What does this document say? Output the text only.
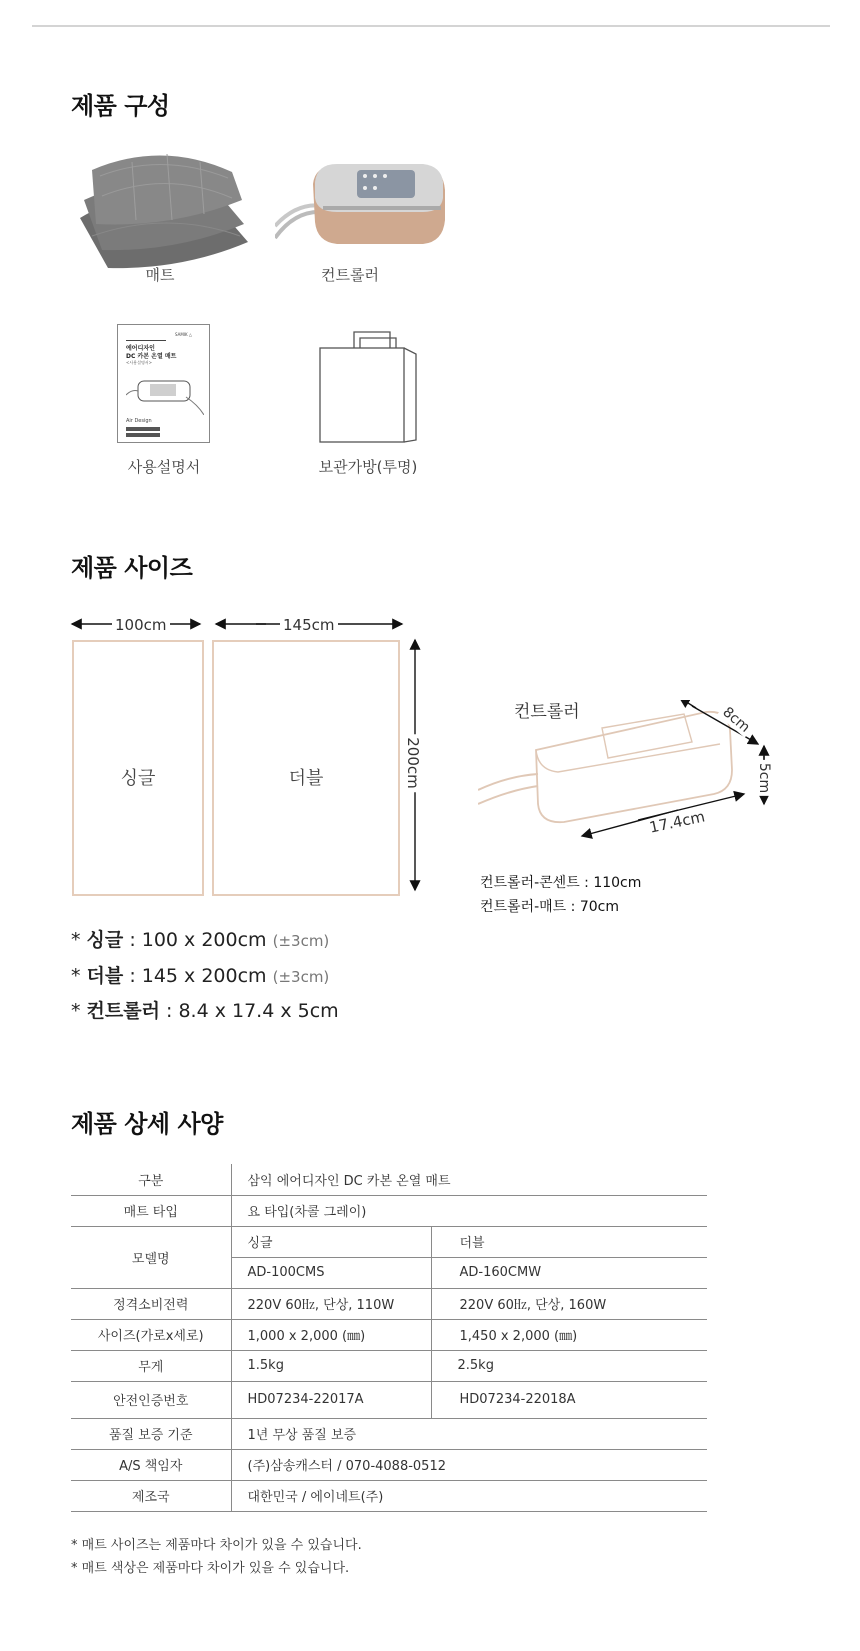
제품 구성
매트	컨트롤러
SAMIK △
에어디자인
DC 카본 온열 매트
<사용설명서>
Air Design
사용설명서	보관가방(투명)
제품 사이즈
100cm	145cm
200cm
싱글	더블
컨트롤러	8cm
5cm
17.4cm
컨트롤러-콘센트 : 110cm
컨트롤러-매트 : 70cm
* 싱글 : 100 x 200cm (±3cm)
* 더블 : 145 x 200cm (±3cm)
* 컨트롤러 : 8.4 x 17.4 x 5cm
제품 상세 사양
구분	삼익 에어디자인 DC 카본 온열 매트	
매트 타입	요 타입(차콜 그레이)	
모델명	싱글	더블
	AD-100CMS	AD-160CMW
정격소비전력	220V 60㎐, 단상, 110W	220V 60㎐, 단상, 160W
사이즈(가로x세로)	1,000 x 2,000 (㎜)	1,450 x 2,000 (㎜)
무게	1.5kg	2.5kg
안전인증번호	HD07234-22017A	HD07234-22018A
품질 보증 기준	1년 무상 품질 보증	
A/S 책임자	(주)삼송캐스터 / 070-4088-0512	
제조국	대한민국 / 에이네트(주)	
* 매트 사이즈는 제품마다 차이가 있을 수 있습니다.
* 매트 색상은 제품마다 차이가 있을 수 있습니다.
